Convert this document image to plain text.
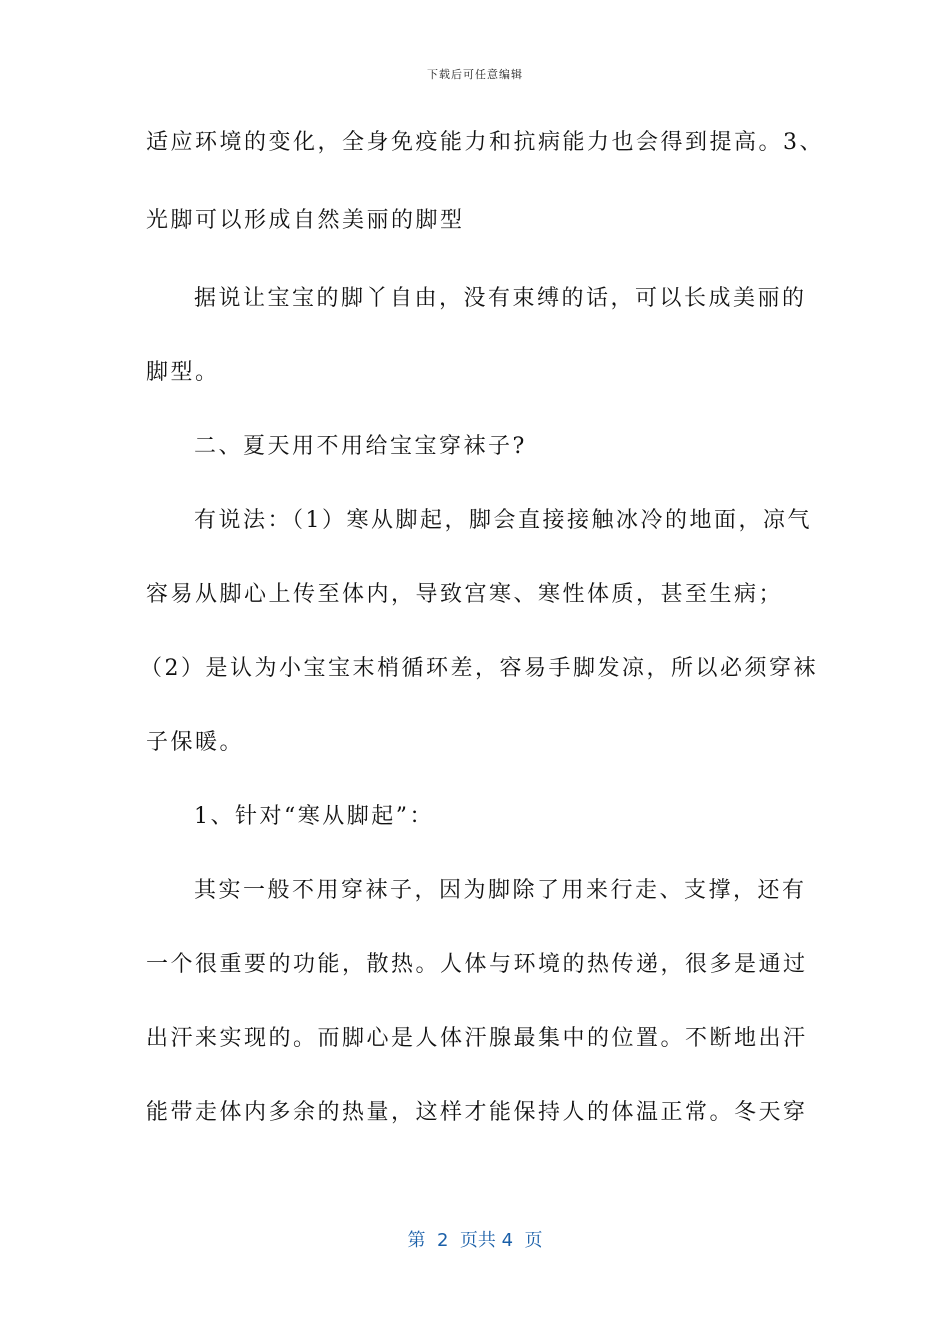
下载后可任意编辑
适应环境的变化，全身免疫能力和抗病能力也会得到提高。3、
光脚可以形成自然美丽的脚型
据说让宝宝的脚丫自由，没有束缚的话，可以长成美丽的
脚型。
二、夏天用不用给宝宝穿袜子?
有说法：（1）寒从脚起，脚会直接接触冰冷的地面，凉气
容易从脚心上传至体内，导致宫寒、寒性体质，甚至生病；
（2）是认为小宝宝末梢循环差，容易手脚发凉，所以必须穿袜
子保暖。
1、针对“寒从脚起”：
其实一般不用穿袜子，因为脚除了用来行走、支撑，还有
一个很重要的功能，散热。人体与环境的热传递，很多是通过
出汗来实现的。而脚心是人体汗腺最集中的位置。不断地出汗
能带走体内多余的热量，这样才能保持人的体温正常。冬天穿
第  2  页共 4  页
